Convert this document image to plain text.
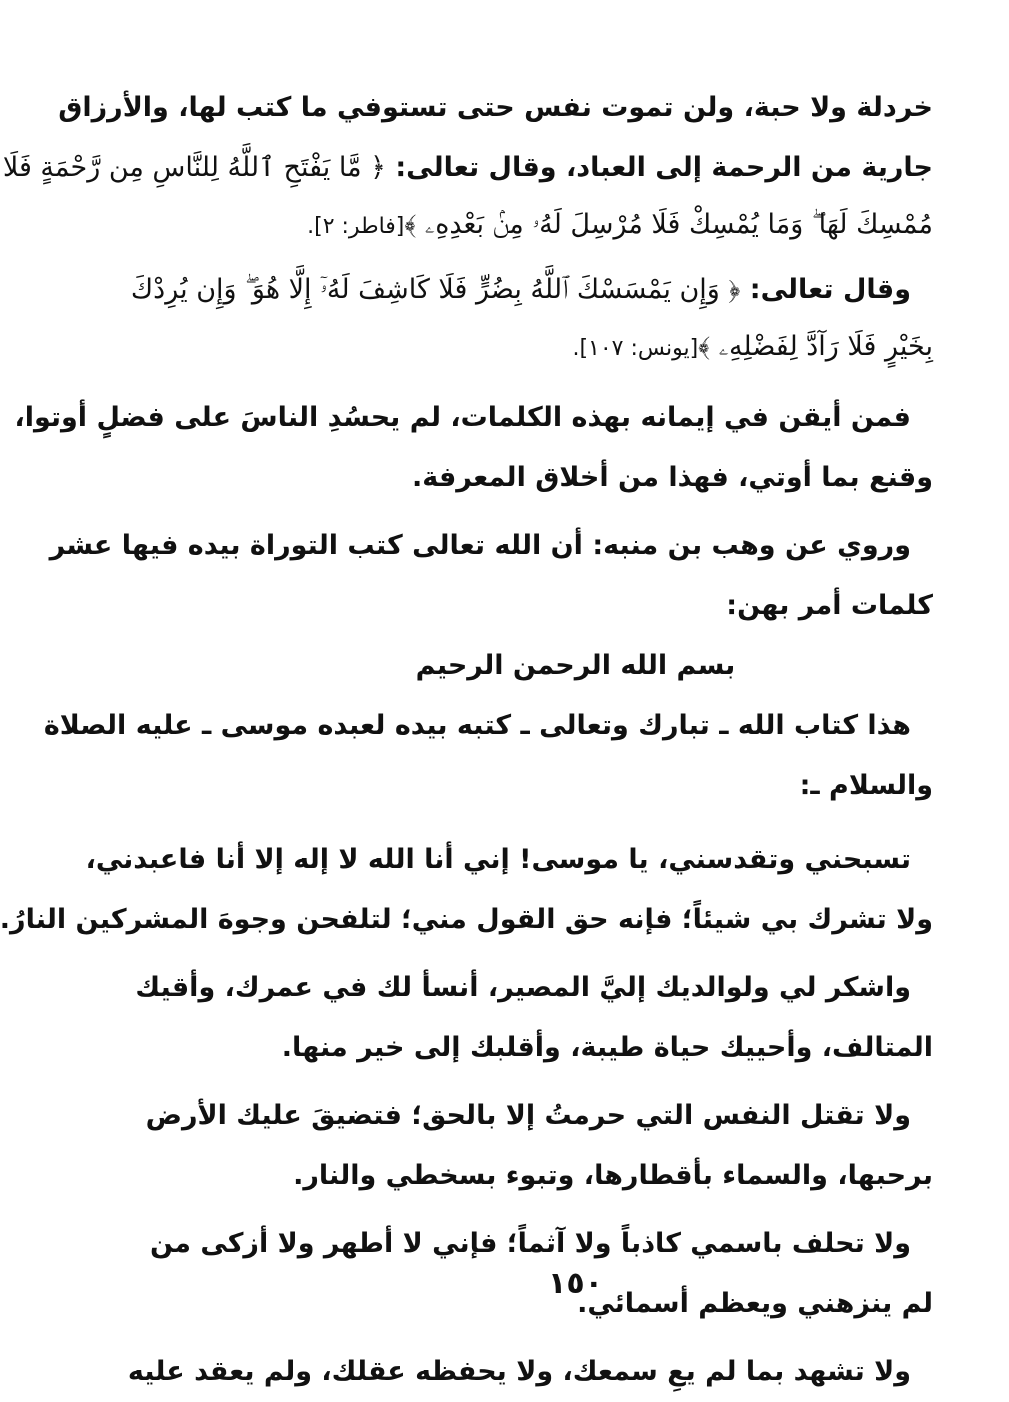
خردلة ولا حبة، ولن تموت نفس حتى تستوفي ما كتب لها، والأرزاق
جارية من الرحمة إلى العباد، وقال تعالى: ﴿ مَّا يَفْتَحِ ٱللَّهُ لِلنَّاسِ مِن رَّحْمَةٍ فَلَا
مُمْسِكَ لَهَا ۖ وَمَا يُمْسِكْ فَلَا مُرْسِلَ لَهُۥ مِنۢ بَعْدِهِۦ ﴾[فاطر: ٢].
وقال تعالى: ﴿ وَإِن يَمْسَسْكَ ٱللَّهُ بِضُرٍّ فَلَا كَاشِفَ لَهُۥٓ إِلَّا هُوَ ۖ وَإِن يُرِدْكَ
بِخَيْرٍ فَلَا رَآدَّ لِفَضْلِهِۦ ﴾[يونس: ١٠٧].
فمن أيقن في إيمانه بهذه الكلمات، لم يحسُدِ الناسَ على فضلٍ أوتوا،
وقنع بما أوتي، فهذا من أخلاق المعرفة.
وروي عن وهب بن منبه: أن الله تعالى كتب التوراة بيده فيها عشر
كلمات أمر بهن:
بسم الله الرحمن الرحيم
هذا كتاب الله ـ تبارك وتعالى ـ كتبه بيده لعبده موسى ـ عليه الصلاة
والسلام ـ:
تسبحني وتقدسني، يا موسى! إني أنا الله لا إله إلا أنا فاعبدني،
ولا تشرك بي شيئاً؛ فإنه حق القول مني؛ لتلفحن وجوهَ المشركين النارُ.
واشكر لي ولوالديك إليَّ المصير، أنسأ لك في عمرك، وأقيك
المتالف، وأحييك حياة طيبة، وأقلبك إلى خير منها.
ولا تقتل النفس التي حرمتُ إلا بالحق؛ فتضيقَ عليك الأرض
برحبها، والسماء بأقطارها، وتبوء بسخطي والنار.
ولا تحلف باسمي كاذباً ولا آثماً؛ فإني لا أطهر ولا أزكى من
لم ينزهني ويعظم أسمائي.
ولا تشهد بما لم يعِ سمعك، ولا يحفظه عقلك، ولم يعقد عليه
١٥٠
